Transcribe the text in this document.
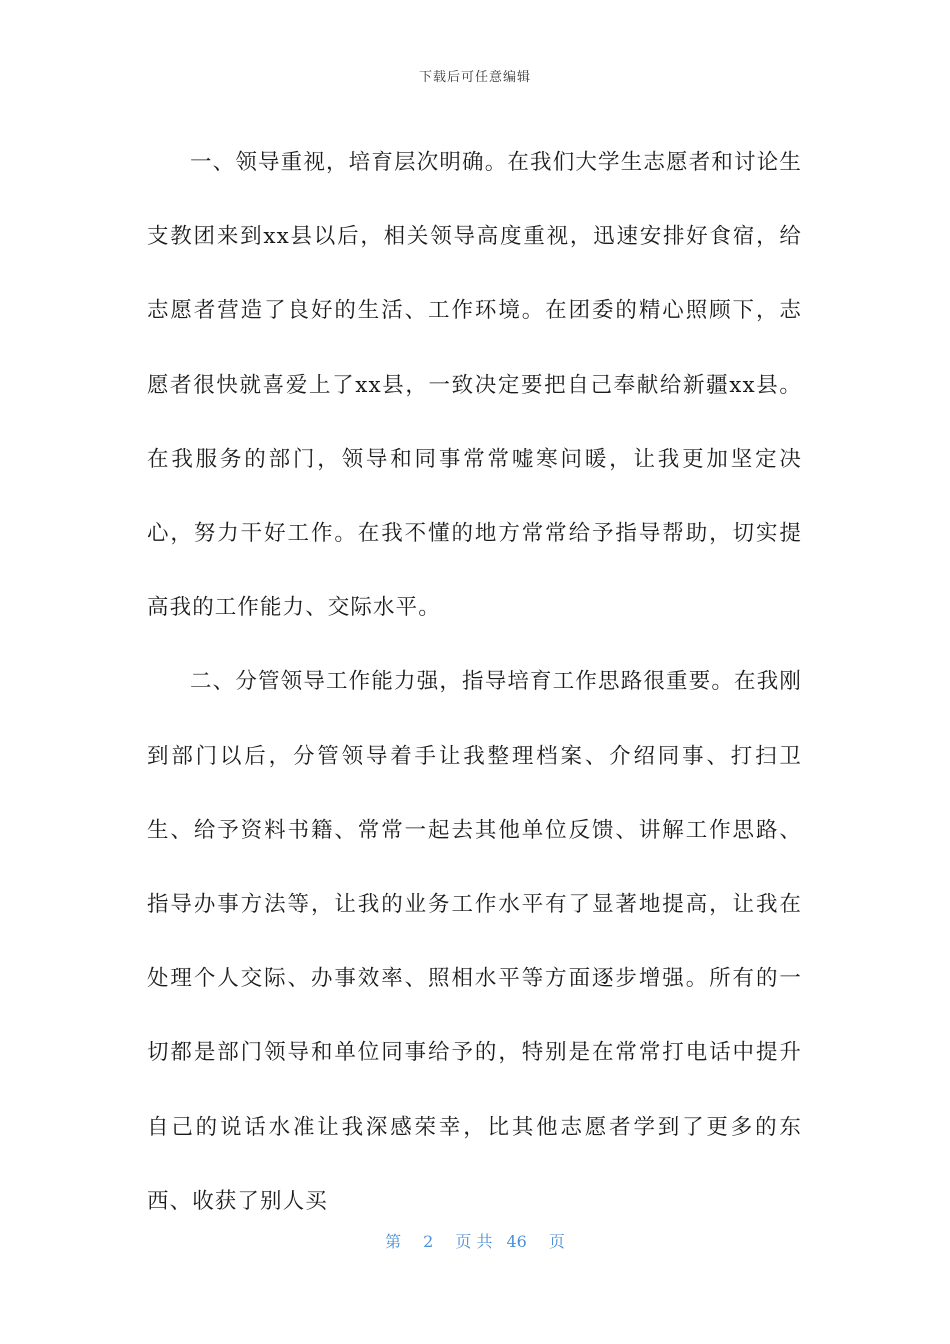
下载后可任意编辑

一、领导重视，培育层次明确。在我们大学生志愿者和讨论生支教团来到xx县以后，相关领导高度重视，迅速安排好食宿，给志愿者营造了良好的生活、工作环境。在团委的精心照顾下，志愿者很快就喜爱上了xx县，一致决定要把自己奉献给新疆xx县。在我服务的部门，领导和同事常常嘘寒问暖，让我更加坚定决心，努力干好工作。在我不懂的地方常常给予指导帮助，切实提高我的工作能力、交际水平。

二、分管领导工作能力强，指导培育工作思路很重要。在我刚到部门以后，分管领导着手让我整理档案、介绍同事、打扫卫生、给予资料书籍、常常一起去其他单位反馈、讲解工作思路、指导办事方法等，让我的业务工作水平有了显著地提高，让我在处理个人交际、办事效率、照相水平等方面逐步增强。所有的一切都是部门领导和单位同事给予的，特别是在常常打电话中提升自己的说话水准让我深感荣幸，比其他志愿者学到了更多的东西、收获了别人买

第 2 页 共 46 页
